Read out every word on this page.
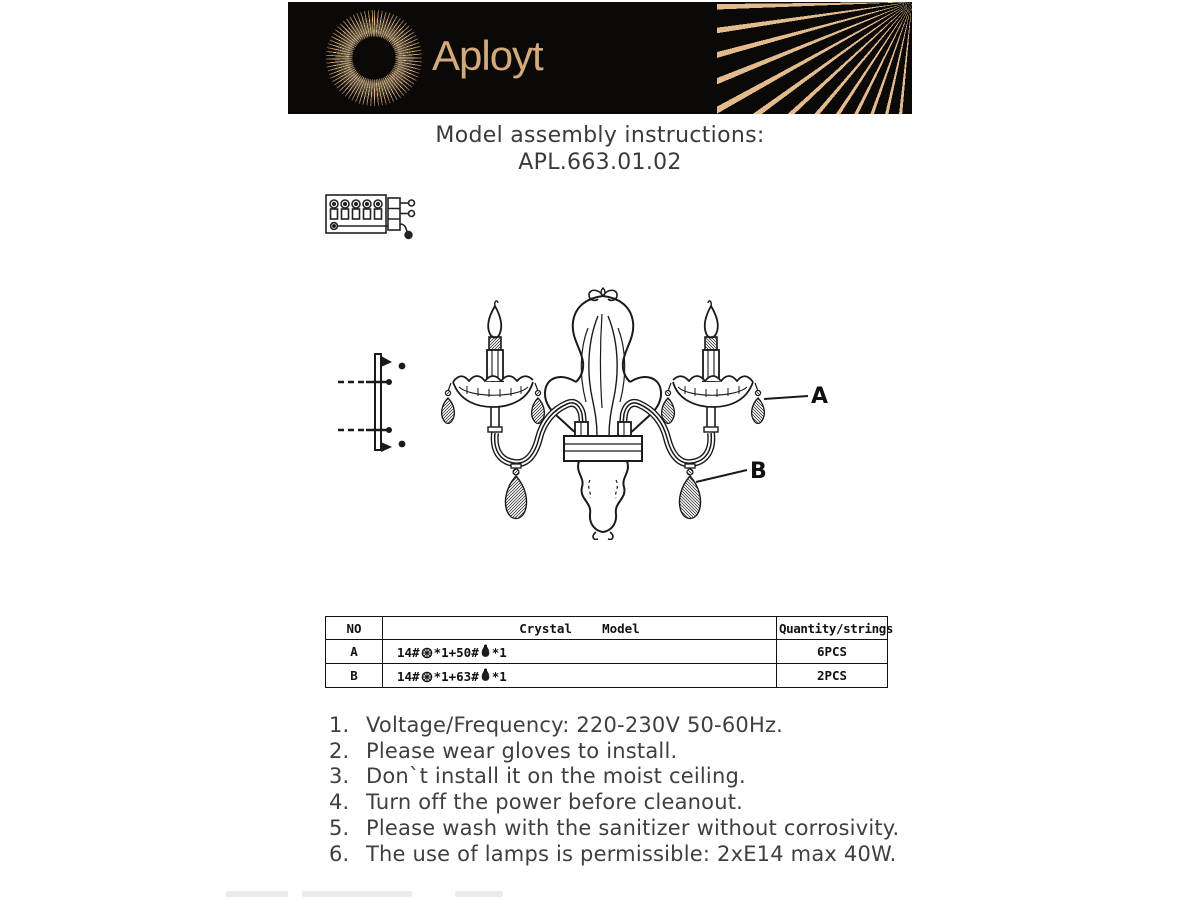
Aployt
Model assembly instructions:
APL.663.01.02
A
B
NO	Crystal    Model	Quantity/strings
A	14# *1+50# *1	6PCS
B	14# *1+63# *1	2PCS
1. Voltage/Frequency: 220-230V 50-60Hz.
2. Please wear gloves to install.
3. Don`t install it on the moist ceiling.
4. Turn off the power before cleanout.
5. Please wash with the sanitizer without corrosivity.
6. The use of lamps is permissible: 2xE14 max 40W.
